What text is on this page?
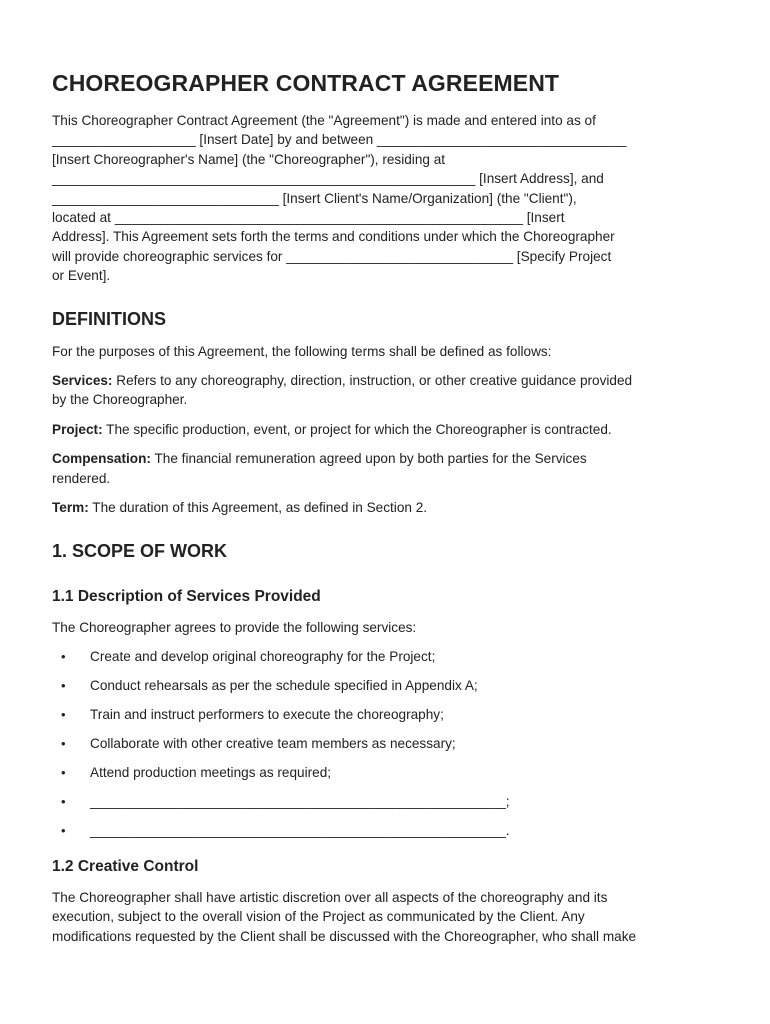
CHOREOGRAPHER CONTRACT AGREEMENT

This Choreographer Contract Agreement (the "Agreement") is made and entered into as of

___________________ [Insert Date] by and between _________________________________

[Insert Choreographer's Name] (the "Choreographer"), residing at

________________________________________________________ [Insert Address], and

______________________________ [Insert Client's Name/Organization] (the "Client"),

located at ______________________________________________________ [Insert

Address]. This Agreement sets forth the terms and conditions under which the Choreographer

will provide choreographic services for ______________________________ [Specify Project

or Event].

DEFINITIONS

For the purposes of this Agreement, the following terms shall be defined as follows:

Services: Refers to any choreography, direction, instruction, or other creative guidance provided
by the Choreographer.
Project: The specific production, event, or project for which the Choreographer is contracted.
Compensation: The financial remuneration agreed upon by both parties for the Services
rendered.
Term: The duration of this Agreement, as defined in Section 2.
1. SCOPE OF WORK
1.1 Description of Services Provided

The Choreographer agrees to provide the following services:

• Create and develop original choreography for the Project;
• Conduct rehearsals as per the schedule specified in Appendix A;
• Train and instruct performers to execute the choreography;
• Collaborate with other creative team members as necessary;
• Attend production meetings as required;
• _______________________________________________________;
• _______________________________________________________.
1.2 Creative Control

The Choreographer shall have artistic discretion over all aspects of the choreography and its

execution, subject to the overall vision of the Project as communicated by the Client. Any

modifications requested by the Client shall be discussed with the Choreographer, who shall make
